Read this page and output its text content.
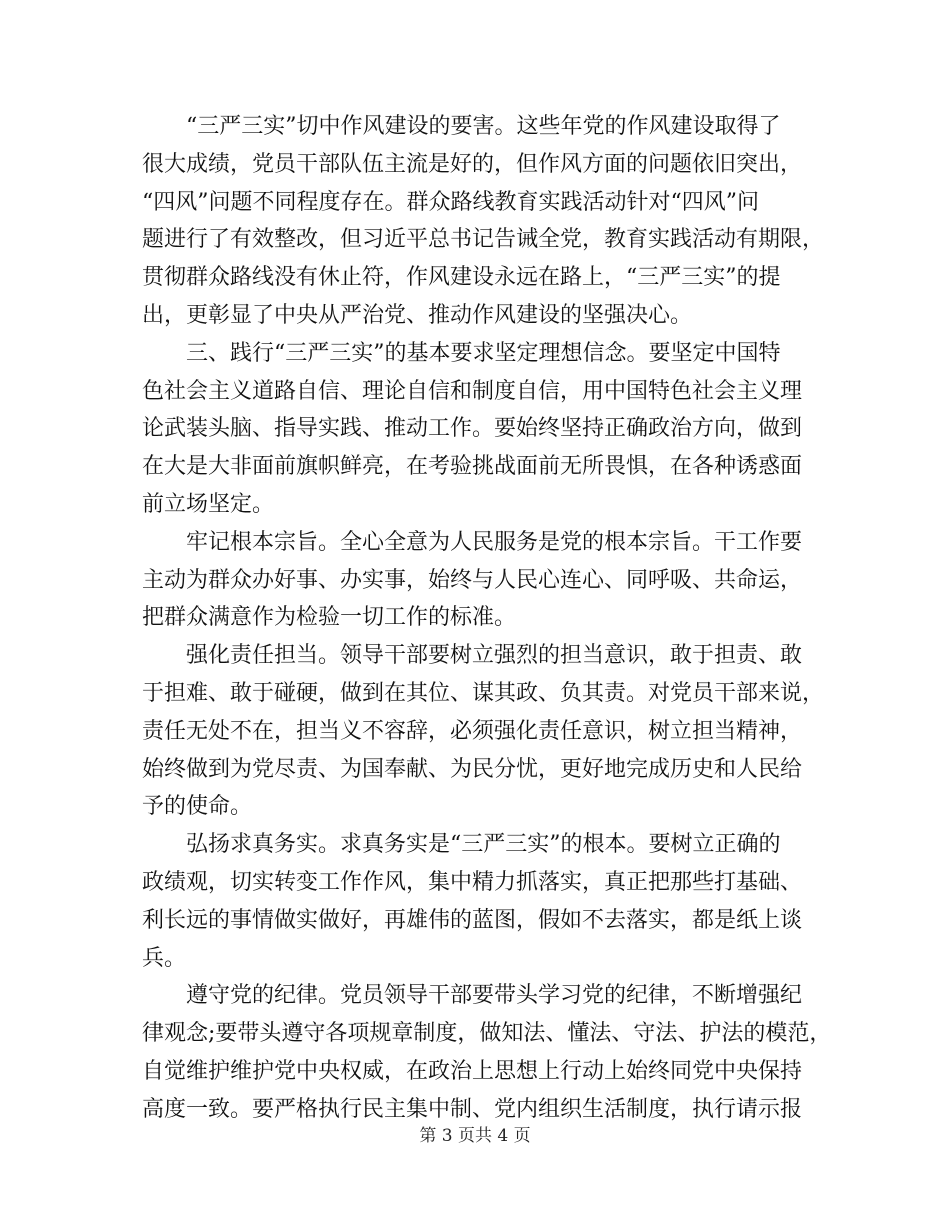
“三严三实”切中作风建设的要害。这些年党的作风建设取得了
很大成绩，党员干部队伍主流是好的，但作风方面的问题依旧突出，
“四风”问题不同程度存在。群众路线教育实践活动针对“四风”问
题进行了有效整改，但习近平总书记告诫全党，教育实践活动有期限，
贯彻群众路线没有休止符，作风建设永远在路上，“三严三实”的提
出，更彰显了中央从严治党、推动作风建设的坚强决心。
三、践行“三严三实”的基本要求坚定理想信念。要坚定中国特
色社会主义道路自信、理论自信和制度自信，用中国特色社会主义理
论武装头脑、指导实践、推动工作。要始终坚持正确政治方向，做到
在大是大非面前旗帜鲜亮，在考验挑战面前无所畏惧，在各种诱惑面
前立场坚定。
牢记根本宗旨。全心全意为人民服务是党的根本宗旨。干工作要
主动为群众办好事、办实事，始终与人民心连心、同呼吸、共命运，
把群众满意作为检验一切工作的标准。
强化责任担当。领导干部要树立强烈的担当意识，敢于担责、敢
于担难、敢于碰硬，做到在其位、谋其政、负其责。对党员干部来说，
责任无处不在，担当义不容辞，必须强化责任意识，树立担当精神，
始终做到为党尽责、为国奉献、为民分忧，更好地完成历史和人民给
予的使命。
弘扬求真务实。求真务实是“三严三实”的根本。要树立正确的
政绩观，切实转变工作作风，集中精力抓落实，真正把那些打基础、
利长远的事情做实做好，再雄伟的蓝图，假如不去落实，都是纸上谈
兵。
遵守党的纪律。党员领导干部要带头学习党的纪律，不断增强纪
律观念;要带头遵守各项规章制度，做知法、懂法、守法、护法的模范，
自觉维护维护党中央权威，在政治上思想上行动上始终同党中央保持
高度一致。要严格执行民主集中制、党内组织生活制度，执行请示报
第 3 页共 4 页
